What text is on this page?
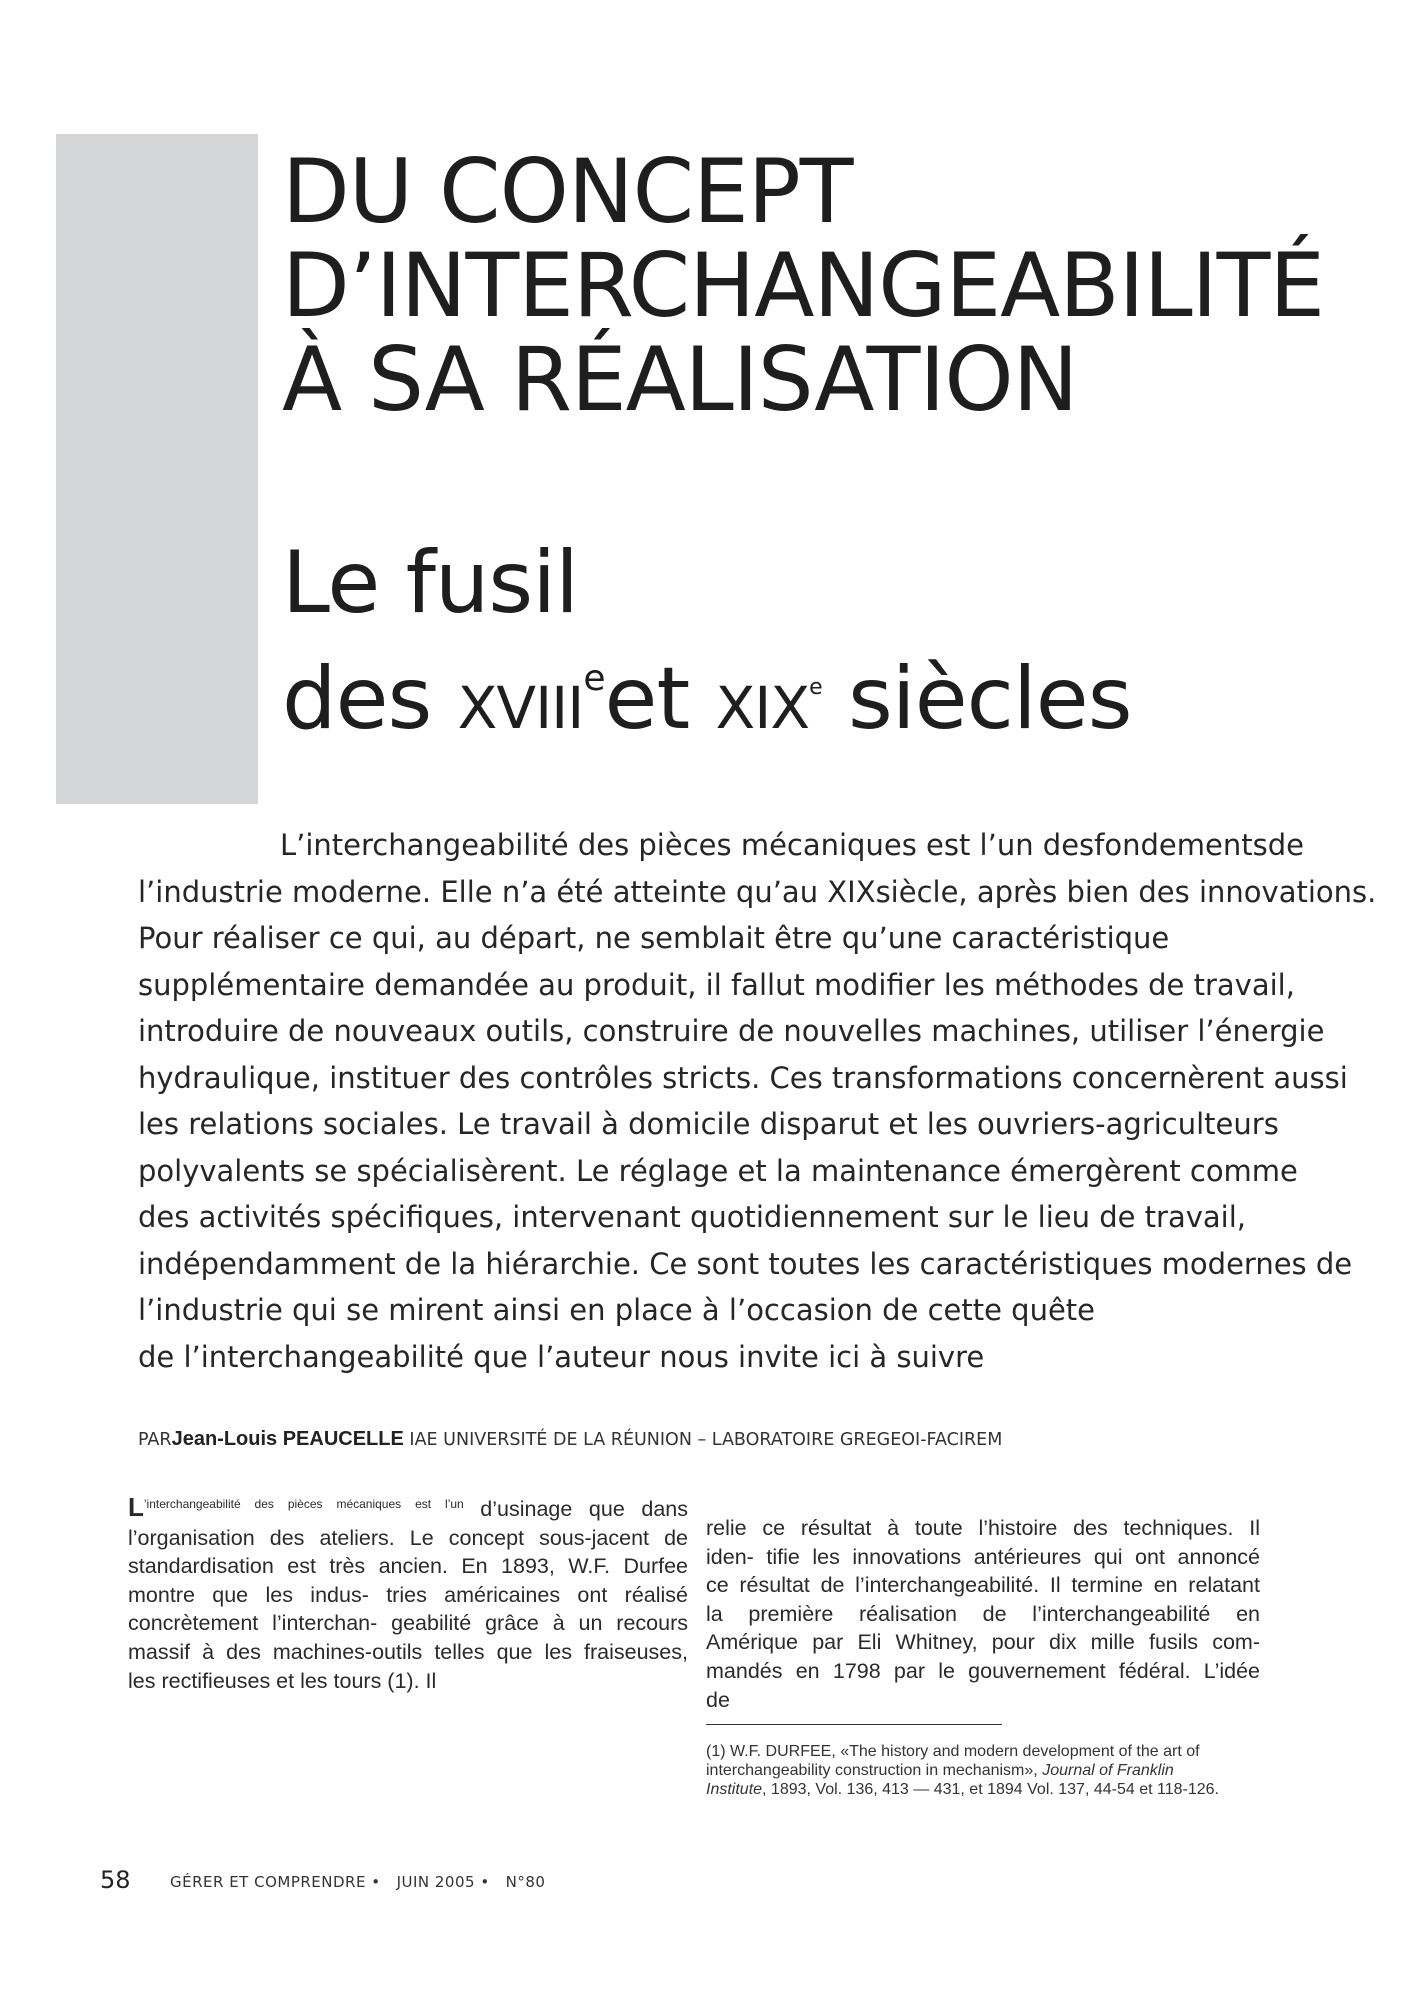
DU CONCEPT
D’INTERCHANGEABILITÉ
À SA RÉALISATION
Le fusil
des XVIIIeet XIXe siècles
L’interchangeabilité des pièces mécaniques est l’un desfondementsde
l’industrie moderne. Elle n’a été atteinte qu’au XIXsiècle, après bien des innovations.
Pour réaliser ce qui, au départ, ne semblait être qu’une caractéristique
supplémentaire demandée au produit, il fallut modifier les méthodes de travail,
introduire de nouveaux outils, construire de nouvelles machines, utiliser l’énergie
hydraulique, instituer des contrôles stricts. Ces transformations concernèrent aussi
les relations sociales. Le travail à domicile disparut et les ouvriers-agriculteurs
polyvalents se spécialisèrent. Le réglage et la maintenance émergèrent comme
des activités spécifiques, intervenant quotidiennement sur le lieu de travail,
indépendamment de la hiérarchie. Ce sont toutes les caractéristiques modernes de
l’industrie qui se mirent ainsi en place à l’occasion de cette quête
de l’interchangeabilité que l’auteur nous invite ici à suivre
PARJean-Louis PEAUCELLE IAE UNIVERSITÉ DE LA RÉUNION – LABORATOIRE GREGEOI-FACIREM
$L^{’interchangeabilité des pièces mécaniques est l’un}$ d’usinage que dans
l’organisation des ateliers. Le concept sous-jacent de
standardisation est très ancien. En 1893, W.F. Durfee
montre que les indus- tries américaines ont réalisé
concrètement l’interchan- geabilité grâce à un recours
massif à des machines-outils telles que les fraiseuses,
les rectifieuses et les tours (1). Il
relie ce résultat à toute l’histoire des techniques. Il
iden- tifie les innovations antérieures qui ont annoncé
ce résultat de l’interchangeabilité. Il termine en relatant
la première réalisation de l’interchangeabilité en
Amérique par Eli Whitney, pour dix mille fusils com-
mandés en 1798 par le gouvernement fédéral. L’idée
de
(1) W.F. DURFEE, «The history and modern development of the art of
interchangeability construction in mechanism», Journal of Franklin
Institute, 1893, Vol. 136, 413 — 431, et 1894 Vol. 137, 44-54 et 118-126.
58	GÉRER ET COMPRENDRE • JUIN 2005 • N°80
